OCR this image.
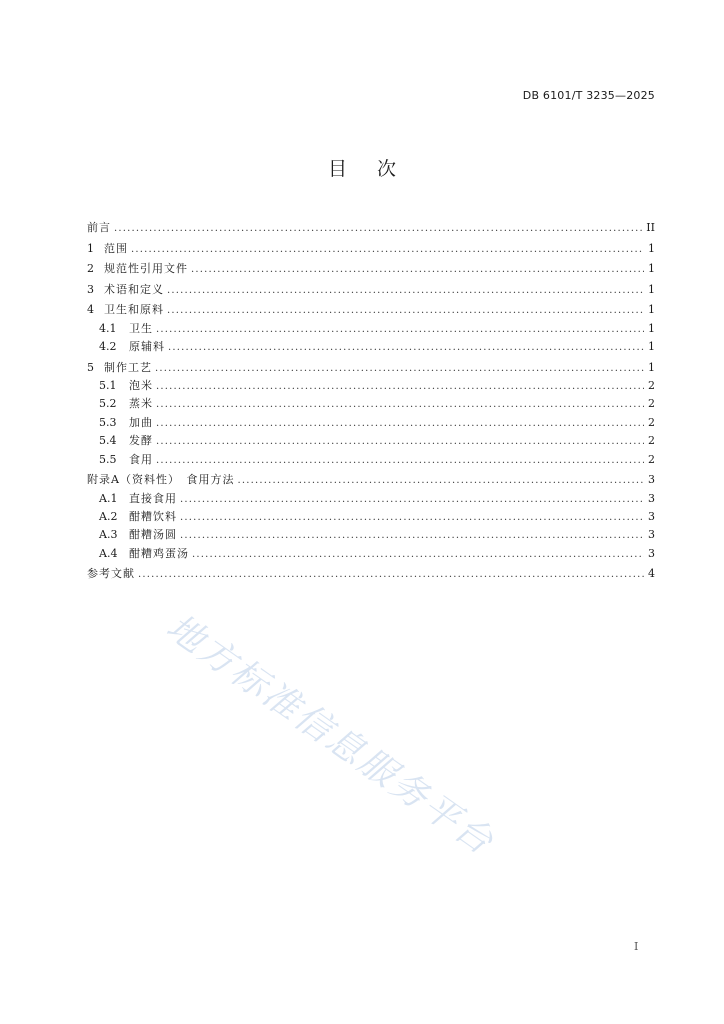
DB 6101/T 3235—2025
目 次
前言 .....	II
1 范围 .....	1
2 规范性引用文件 .....	1
3 术语和定义 .....	1
4 卫生和原料 .....	1
4.1	卫生 .....	1
4.2	原辅料 .....	1
5 制作工艺 .....	1
5.1	泡米 .....	2
5.2	蒸米 .....	2
5.3	加曲 .....	2
5.4	发酵 .....	2
5.5	食用 .....	2
附录A（资料性）　食用方法 .....	3
A.1	直接食用 .....	3
A.2	酣糟饮料 .....	3
A.3	酣糟汤圆 .....	3
A.4	酣糟鸡蛋汤 .....	3
参考文献 .....	4
地方标准信息服务平台
I
